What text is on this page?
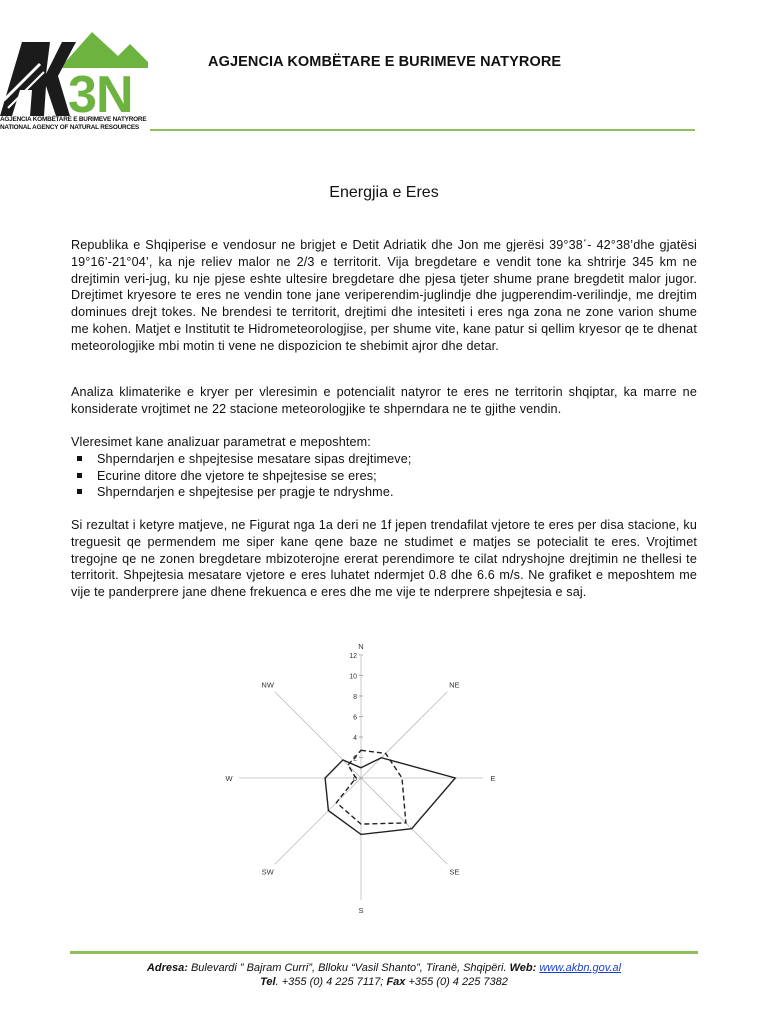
3 N
AGJENCIA KOMBËTARE E BURIMEVE NATYRORE
NATIONAL AGENCY OF NATURAL RESOURCES
AGJENCIA KOMBËTARE E BURIMEVE NATYRORE
Energjia e Eres

Republika e Shqiperise e vendosur ne brigjet e Detit Adriatik dhe Jon me gjerësi 39°38΄- 42°38’dhe gjatësi 19°16’-21°04’, ka nje reliev malor ne 2/3 e territorit. Vija bregdetare e vendit tone ka shtrirje 345 km ne drejtimin veri-jug, ku nje pjese eshte ultesire bregdetare dhe pjesa tjeter shume prane bregdetit malor jugor. Drejtimet kryesore te eres ne vendin tone jane veriperendim-juglindje dhe jugperendim-verilindje, me drejtim dominues drejt tokes. Ne brendesi te territorit, drejtimi dhe intesiteti i eres nga zona ne zone varion shume me kohen. Matjet e Institutit te Hidrometeorologjise, per shume vite, kane patur si qellim kryesor qe te dhenat meteorologjike mbi motin ti vene ne dispozicion te shebimit ajror dhe detar.

Analiza klimaterike e kryer per vleresimin e potencialit natyror te eres ne territorin shqiptar, ka marre ne konsiderate vrojtimet ne 22 stacione meteorologjike te shperndara ne te gjithe vendin.

Vleresimet kane analizuar parametrat e meposhtem:

Shperndarjen e shpejtesise mesatare sipas drejtimeve;
Ecurine ditore dhe vjetore te shpejtesise se eres;
Shperndarjen e shpejtesise per pragje te ndryshme.

Si rezultat i ketyre matjeve, ne Figurat nga 1a deri ne 1f jepen trendafilat vjetore te eres per disa stacione, ku treguesit qe permendem me siper kane qene baze ne studimet e matjes se potecialit te eres. Vrojtimet tregojne qe ne zonen bregdetare mbizoterojne ererat perendimore te cilat ndryshojne drejtimin ne thellesi te territorit. Shpejtesia mesatare vjetore e eres luhatet ndermjet 0.8 dhe 6.6 m/s. Ne grafiket e meposhtem me vije te panderprere jane dhene frekuenca e eres dhe me vije te nderprere shpejtesia e saj.

N
NE
E
SE
S
SW
W
NW
12
10
8
6
4
2
0
Adresa: Bulevardi ” Bajram Curri”, Blloku “Vasil Shanto”, Tiranë, Shqipëri. Web: www.akbn.gov.al
Tel. +355 (0) 4 225 7117; Fax +355 (0) 4 225 7382
